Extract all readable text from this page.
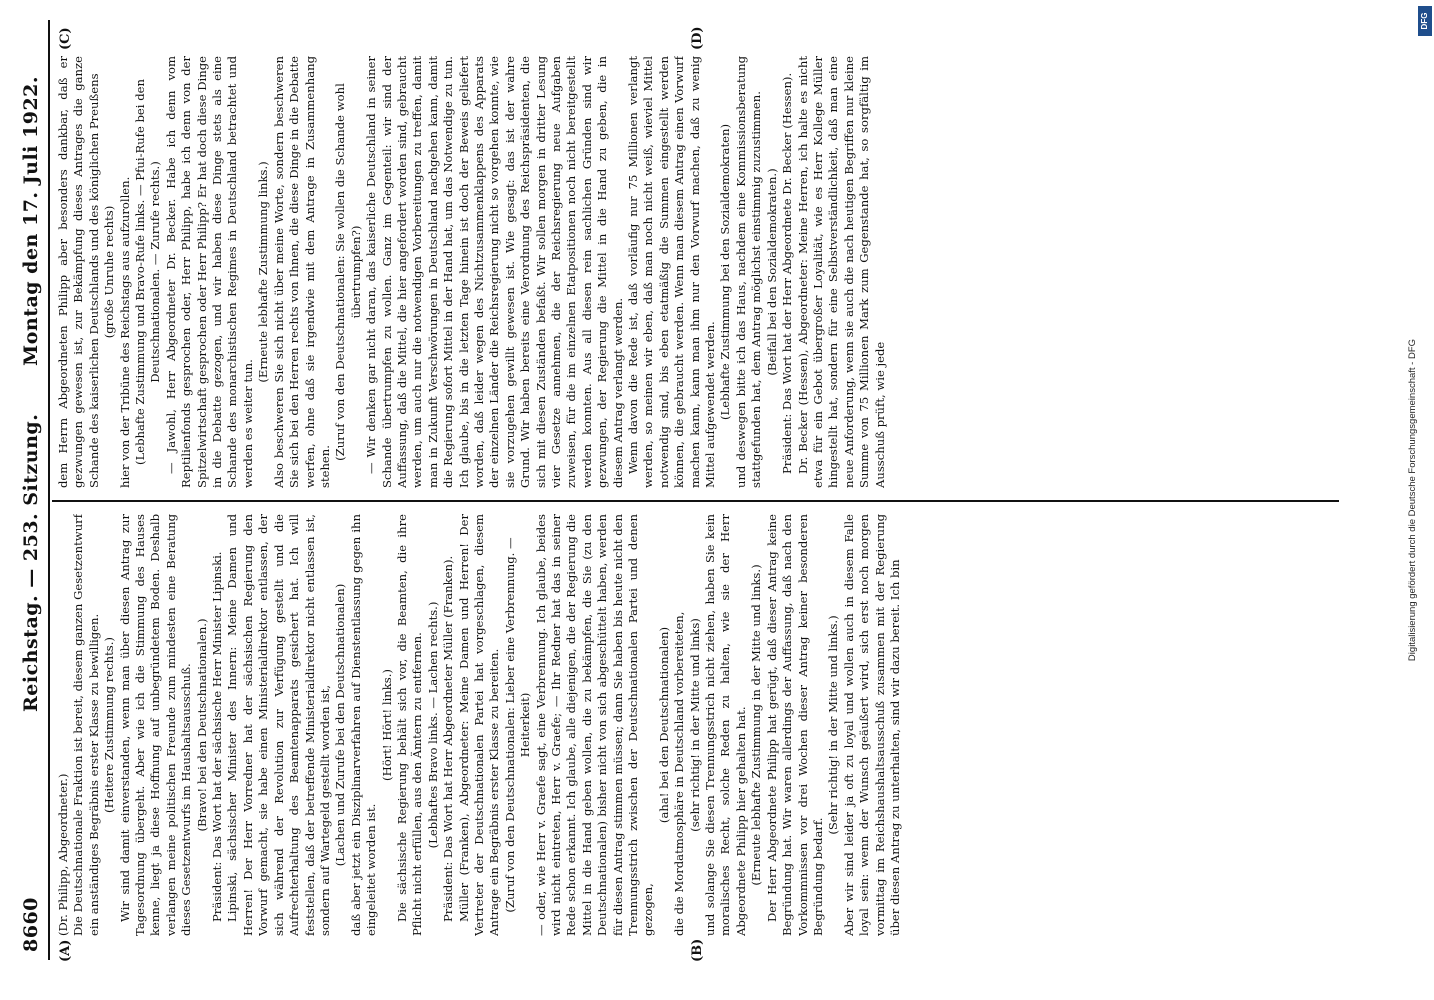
8660
Reichstag. — 253. Sitzung.
Montag den 17. Juli 1922.
(A)	(B)
(C)	(D)

(Dr. Philipp, Abgeordneter.) Die Deutschnationale Fraktion ist bereit, diesem ganzen Gesetzentwurf ein anständiges Begräbnis erster Klasse zu bewilligen. (Heitere Zustimmung rechts.) Wir sind damit einverstanden, wenn man über diesen Antrag zur Tagesordnung übergeht. Aber wie ich die Stimmung des Hauses kenne, liegt ja diese Hoffnung auf unbegründetem Boden. Deshalb verlangen meine politischen Freunde zum mindesten eine Beratung dieses Gesetzentwurfs im Haushaltsausschuß. (Bravo! bei den Deutschnationalen.) Präsident: Das Wort hat der sächsische Herr Minister Lipinski. Lipinski, sächsischer Minister des Innern: Meine Damen und Herren! Der Herr Vorredner hat der sächsischen Regierung den Vorwurf gemacht, sie habe einen Ministerialdirektor entlassen, der sich während der Revolution zur Verfügung gestellt und die Aufrechterhaltung des Beamtenapparats gesichert hat. Ich will feststellen, daß der betreffende Ministerialdirektor nicht entlassen ist, sondern auf Wartegeld gestellt worden ist, (Lachen und Zurufe bei den Deutschnationalen) daß aber jetzt ein Disziplinarverfahren auf Dienstentlassung gegen ihn eingeleitet worden ist.

(Hört! Hört! links.) Die sächsische Regierung behält sich vor, die Beamten, die ihre Pflicht nicht erfüllen, aus den Ämtern zu entfernen. (Lebhaftes Bravo links. — Lachen rechts.) Präsident: Das Wort hat Herr Abgeordneter Müller (Franken). Müller (Franken), Abgeordneter: Meine Damen und Herren! Der Vertreter der Deutschnationalen Partei hat vorgeschlagen, diesem Antrage ein Begräbnis erster Klasse zu bereiten. (Zuruf von den Deutschnationalen: Lieber eine Verbrennung. — Heiterkeit) — oder, wie Herr v. Graefe sagt, eine Verbrennung. Ich glaube, beides wird nicht eintreten, Herr v. Graefe; — Ihr Redner hat das in seiner Rede schon erkannt. Ich glaube, alle diejenigen, die der Regierung die Mittel in die Hand geben wollen, die zu bekämpfen, die Sie (zu den Deutschnationalen) bisher nicht von sich abgeschüttelt haben, werden für diesen Antrag stimmen müssen; dann Sie haben bis heute nicht den Trennungsstrich zwischen der Deutschnationalen Partei und denen gezogen,

(aha! bei den Deutschnationalen) die die Mordatmosphäre in Deutschland vorbereiteten, (sehr richtig! in der Mitte und links) und solange Sie diesen Trennungsstrich nicht ziehen, haben Sie kein moralisches Recht, solche Reden zu halten, wie sie der Herr Abgeordnete Philipp hier gehalten hat. (Erneute lebhafte Zustimmung in der Mitte und links.) Der Herr Abgeordnete Philipp hat gerügt, daß dieser Antrag keine Begründung hat. Wir waren allerdings der Auffassung, daß nach den Vorkommnissen vor drei Wochen dieser Antrag keiner besonderen Begründung bedarf.

(Sehr richtig! in der Mitte und links.) Aber wir sind leider ja oft zu loyal und wollen auch in diesem Falle loyal sein: wenn der Wunsch geäußert wird, sich erst noch morgen vormittag im Reichshaushaltsausschuß zusammen mit der Regierung über diesen Antrag zu unterhalten, sind wir dazu bereit. Ich bin

dem Herrn Abgeordneten Philipp aber besonders dankbar, daß er gezwungen gewesen ist, zur Bekämpfung dieses Antrages die ganze Schande des kaiserlichen Deutschlands und des königlichen Preußens (große Unruhe rechts) hier von der Tribüne des Reichstags aus aufzurollen. (Lebhafte Zustimmung und Bravo-Rufe links. — Pfui-Rufe bei den Deutschnationalen. — Zurufe rechts.) — Jawohl, Herr Abgeordneter Dr. Becker. Habe ich denn vom Reptilienfonds gesprochen oder, Herr Philipp, habe ich denn von der Spitzelwirtschaft gesprochen oder Herr Philipp? Er hat doch diese Dinge in die Debatte gezogen, und wir haben diese Dinge stets als eine Schande des monarchistischen Regimes in Deutschland betrachtet und werden es weiter tun.

(Erneute lebhafte Zustimmung links.) Also beschweren Sie sich nicht über meine Worte, sondern beschweren Sie sich bei den Herren rechts von Ihnen, die diese Dinge in die Debatte werfen, ohne daß sie irgendwie mit dem Antrage in Zusammenhang stehen.

(Zuruf von den Deutschnationalen: Sie wollen die Schande wohl übertrumpfen?) — Wir denken gar nicht daran, das kaiserliche Deutschland in seiner Schande übertrumpfen zu wollen. Ganz im Gegenteil: wir sind der Auffassung, daß die Mittel, die hier angefordert worden sind, gebraucht werden, um auch nur die notwendigen Vorbereitungen zu treffen, damit man in Zukunft Verschwörungen in Deutschland nachgehen kann, damit die Regierung sofort Mittel in der Hand hat, um das Notwendige zu tun. Ich glaube, bis in die letzten Tage hinein ist doch der Beweis geliefert worden, daß leider wegen des Nichtzusammenklappens des Apparats der einzelnen Länder die Reichsregierung nicht so vorgehen konnte, wie sie vorzugehen gewillt gewesen ist. Wie gesagt: das ist der wahre Grund. Wir haben bereits eine Verordnung des Reichspräsidenten, die sich mit diesen Zuständen befaßt. Wir sollen morgen in dritter Lesung vier Gesetze annehmen, die der Reichsregierung neue Aufgaben zuweisen, für die im einzelnen Etatpositionen noch nicht bereitgestellt werden konnten. Aus all diesen rein sachlichen Gründen sind wir gezwungen, der Regierung die Mittel in die Hand zu geben, die in diesem Antrag verlangt werden. Wenn davon die Rede ist, daß vorläufig nur 75 Millionen verlangt werden, so meinen wir eben, daß man noch nicht weiß, wieviel Mittel notwendig sind, bis eben etatmäßig die Summen eingestellt werden können, die gebraucht werden. Wenn man diesem Antrag einen Vorwurf machen kann, kann man ihm nur den Vorwurf machen, daß zu wenig Mittel aufgewendet werden. (Lebhafte Zustimmung bei den Sozialdemokraten) und deswegen bitte ich das Haus, nachdem eine Kommissionsberatung stattgefunden hat, dem Antrag möglichst einstimmig zuzustimmen. (Beifall bei den Sozialdemokraten.) Präsident: Das Wort hat der Herr Abgeordnete Dr. Becker (Hessen). Dr. Becker (Hessen), Abgeordneter: Meine Herren, ich halte es nicht etwa für ein Gebot übergroßer Loyalität, wie es Herr Kollege Müller hingestellt hat, sondern für eine Selbstverständlichkeit, daß man eine neue Anforderung, wenn sie auch die nach heutigen Begriffen nur kleine Summe von 75 Millionen Mark zum Gegenstande hat, so sorgfältig im Ausschuß prüft, wie jede	Digitalisierung gefördert durch die Deutsche Forschungsgemeinschaft - DFG
DFG
